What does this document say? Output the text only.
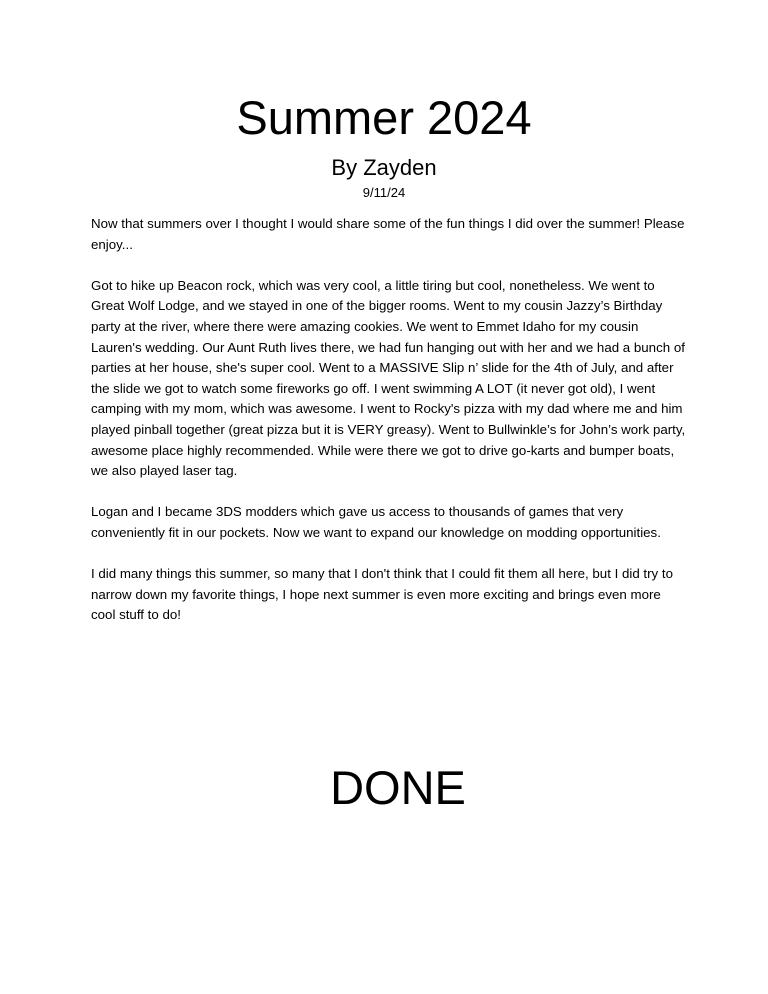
Summer 2024
By Zayden
9/11/24

Now that summers over I thought I would share some of the fun things I did over the summer! Please enjoy...

Got to hike up Beacon rock, which was very cool, a little tiring but cool, nonetheless. We went to Great Wolf Lodge, and we stayed in one of the bigger rooms. Went to my cousin Jazzy’s Birthday party at the river, where there were amazing cookies. We went to Emmet Idaho for my cousin Lauren's wedding. Our Aunt Ruth lives there, we had fun hanging out with her and we had a bunch of parties at her house, she's super cool. Went to a MASSIVE Slip n’ slide for the 4th of July, and after the slide we got to watch some fireworks go off. I went swimming A LOT (it never got old), I went camping with my mom, which was awesome. I went to Rocky's pizza with my dad where me and him played pinball together (great pizza but it is VERY greasy). Went to Bullwinkle’s for John’s work party, awesome place highly recommended. While were there we got to drive go-karts and bumper boats, we also played laser tag.

Logan and I became 3DS modders which gave us access to thousands of games that very conveniently fit in our pockets. Now we want to expand our knowledge on modding opportunities.

I did many things this summer, so many that I don't think that I could fit them all here, but I did try to narrow down my favorite things, I hope next summer is even more exciting and brings even more cool stuff to do!

DONE
